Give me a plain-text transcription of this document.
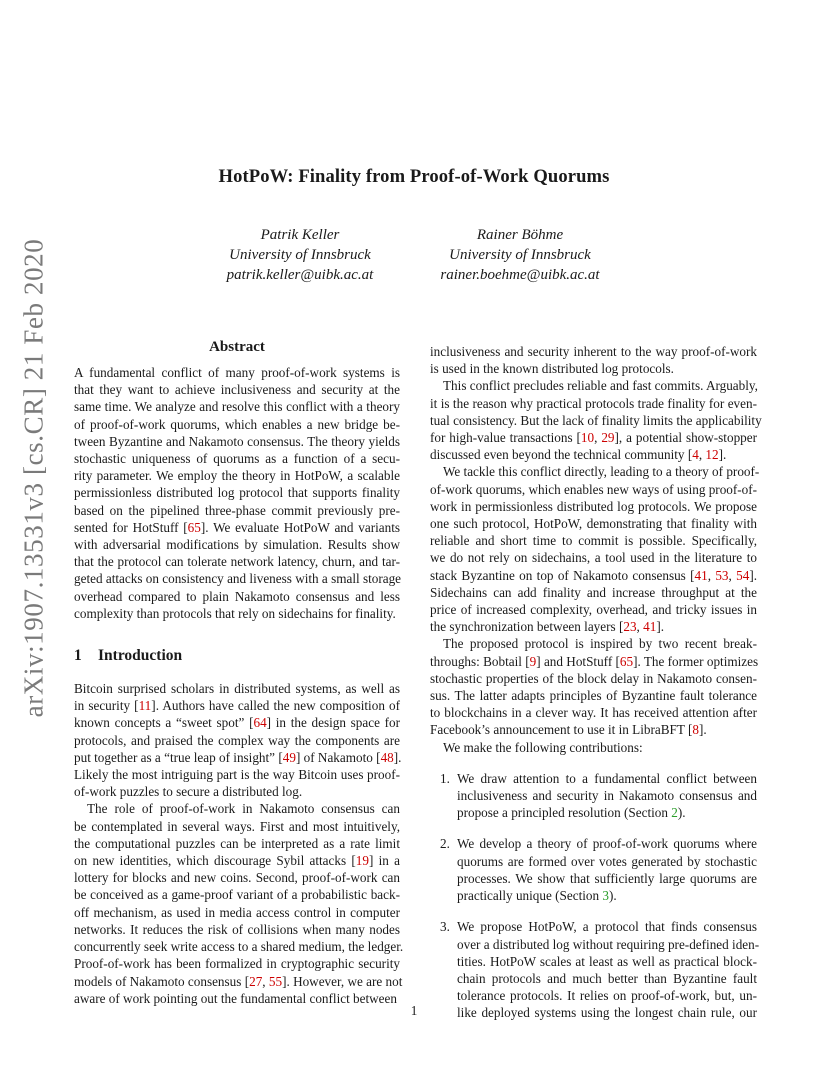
arXiv:1907.13531v3 [cs.CR] 21 Feb 2020
HotPoW: Finality from Proof-of-Work Quorums
Patrik Keller
University of Innsbruck
patrik.keller@uibk.ac.at
Rainer Böhme
University of Innsbruck
rainer.boehme@uibk.ac.at
Abstract
A fundamental conflict of many proof-of-work systems is
that they want to achieve inclusiveness and security at the
same time. We analyze and resolve this conflict with a theory
of proof-of-work quorums, which enables a new bridge be-
tween Byzantine and Nakamoto consensus. The theory yields
stochastic uniqueness of quorums as a function of a secu-
rity parameter. We employ the theory in HotPoW, a scalable
permissionless distributed log protocol that supports finality
based on the pipelined three-phase commit previously pre-
sented for HotStuff [65]. We evaluate HotPoW and variants
with adversarial modifications by simulation. Results show
that the protocol can tolerate network latency, churn, and tar-
geted attacks on consistency and liveness with a small storage
overhead compared to plain Nakamoto consensus and less
complexity than protocols that rely on sidechains for finality.
1 Introduction

Bitcoin surprised scholars in distributed systems, as well as
in security [11]. Authors have called the new composition of
known concepts a “sweet spot” [64] in the design space for
protocols, and praised the complex way the components are
put together as a “true leap of insight” [49] of Nakamoto [48].
Likely the most intriguing part is the way Bitcoin uses proof-
of-work puzzles to secure a distributed log.

The role of proof-of-work in Nakamoto consensus can
be contemplated in several ways. First and most intuitively,
the computational puzzles can be interpreted as a rate limit
on new identities, which discourage Sybil attacks [19] in a
lottery for blocks and new coins. Second, proof-of-work can
be conceived as a game-proof variant of a probabilistic back-
off mechanism, as used in media access control in computer
networks. It reduces the risk of collisions when many nodes
concurrently seek write access to a shared medium, the ledger.
Proof-of-work has been formalized in cryptographic security
models of Nakamoto consensus [27, 55]. However, we are not
aware of work pointing out the fundamental conflict between

inclusiveness and security inherent to the way proof-of-work
is used in the known distributed log protocols.

This conflict precludes reliable and fast commits. Arguably,
it is the reason why practical protocols trade finality for even-
tual consistency. But the lack of finality limits the applicability
for high-value transactions [10, 29], a potential show-stopper
discussed even beyond the technical community [4, 12].

We tackle this conflict directly, leading to a theory of proof-
of-work quorums, which enables new ways of using proof-of-
work in permissionless distributed log protocols. We propose
one such protocol, HotPoW, demonstrating that finality with
reliable and short time to commit is possible. Specifically,
we do not rely on sidechains, a tool used in the literature to
stack Byzantine on top of Nakamoto consensus [41, 53, 54].
Sidechains can add finality and increase throughput at the
price of increased complexity, overhead, and tricky issues in
the synchronization between layers [23, 41].

The proposed protocol is inspired by two recent break-
throughs: Bobtail [9] and HotStuff [65]. The former optimizes
stochastic properties of the block delay in Nakamoto consen-
sus. The latter adapts principles of Byzantine fault tolerance
to blockchains in a clever way. It has received attention after
Facebook’s announcement to use it in LibraBFT [8].

We make the following contributions:

1. We draw attention to a fundamental conflict between
inclusiveness and security in Nakamoto consensus and
propose a principled resolution (Section 2).
2. We develop a theory of proof-of-work quorums where
quorums are formed over votes generated by stochastic
processes. We show that sufficiently large quorums are
practically unique (Section 3).
3. We propose HotPoW, a protocol that finds consensus
over a distributed log without requiring pre-defined iden-
tities. HotPoW scales at least as well as practical block-
chain protocols and much better than Byzantine fault
tolerance protocols. It relies on proof-of-work, but, un-
like deployed systems using the longest chain rule, our
1
